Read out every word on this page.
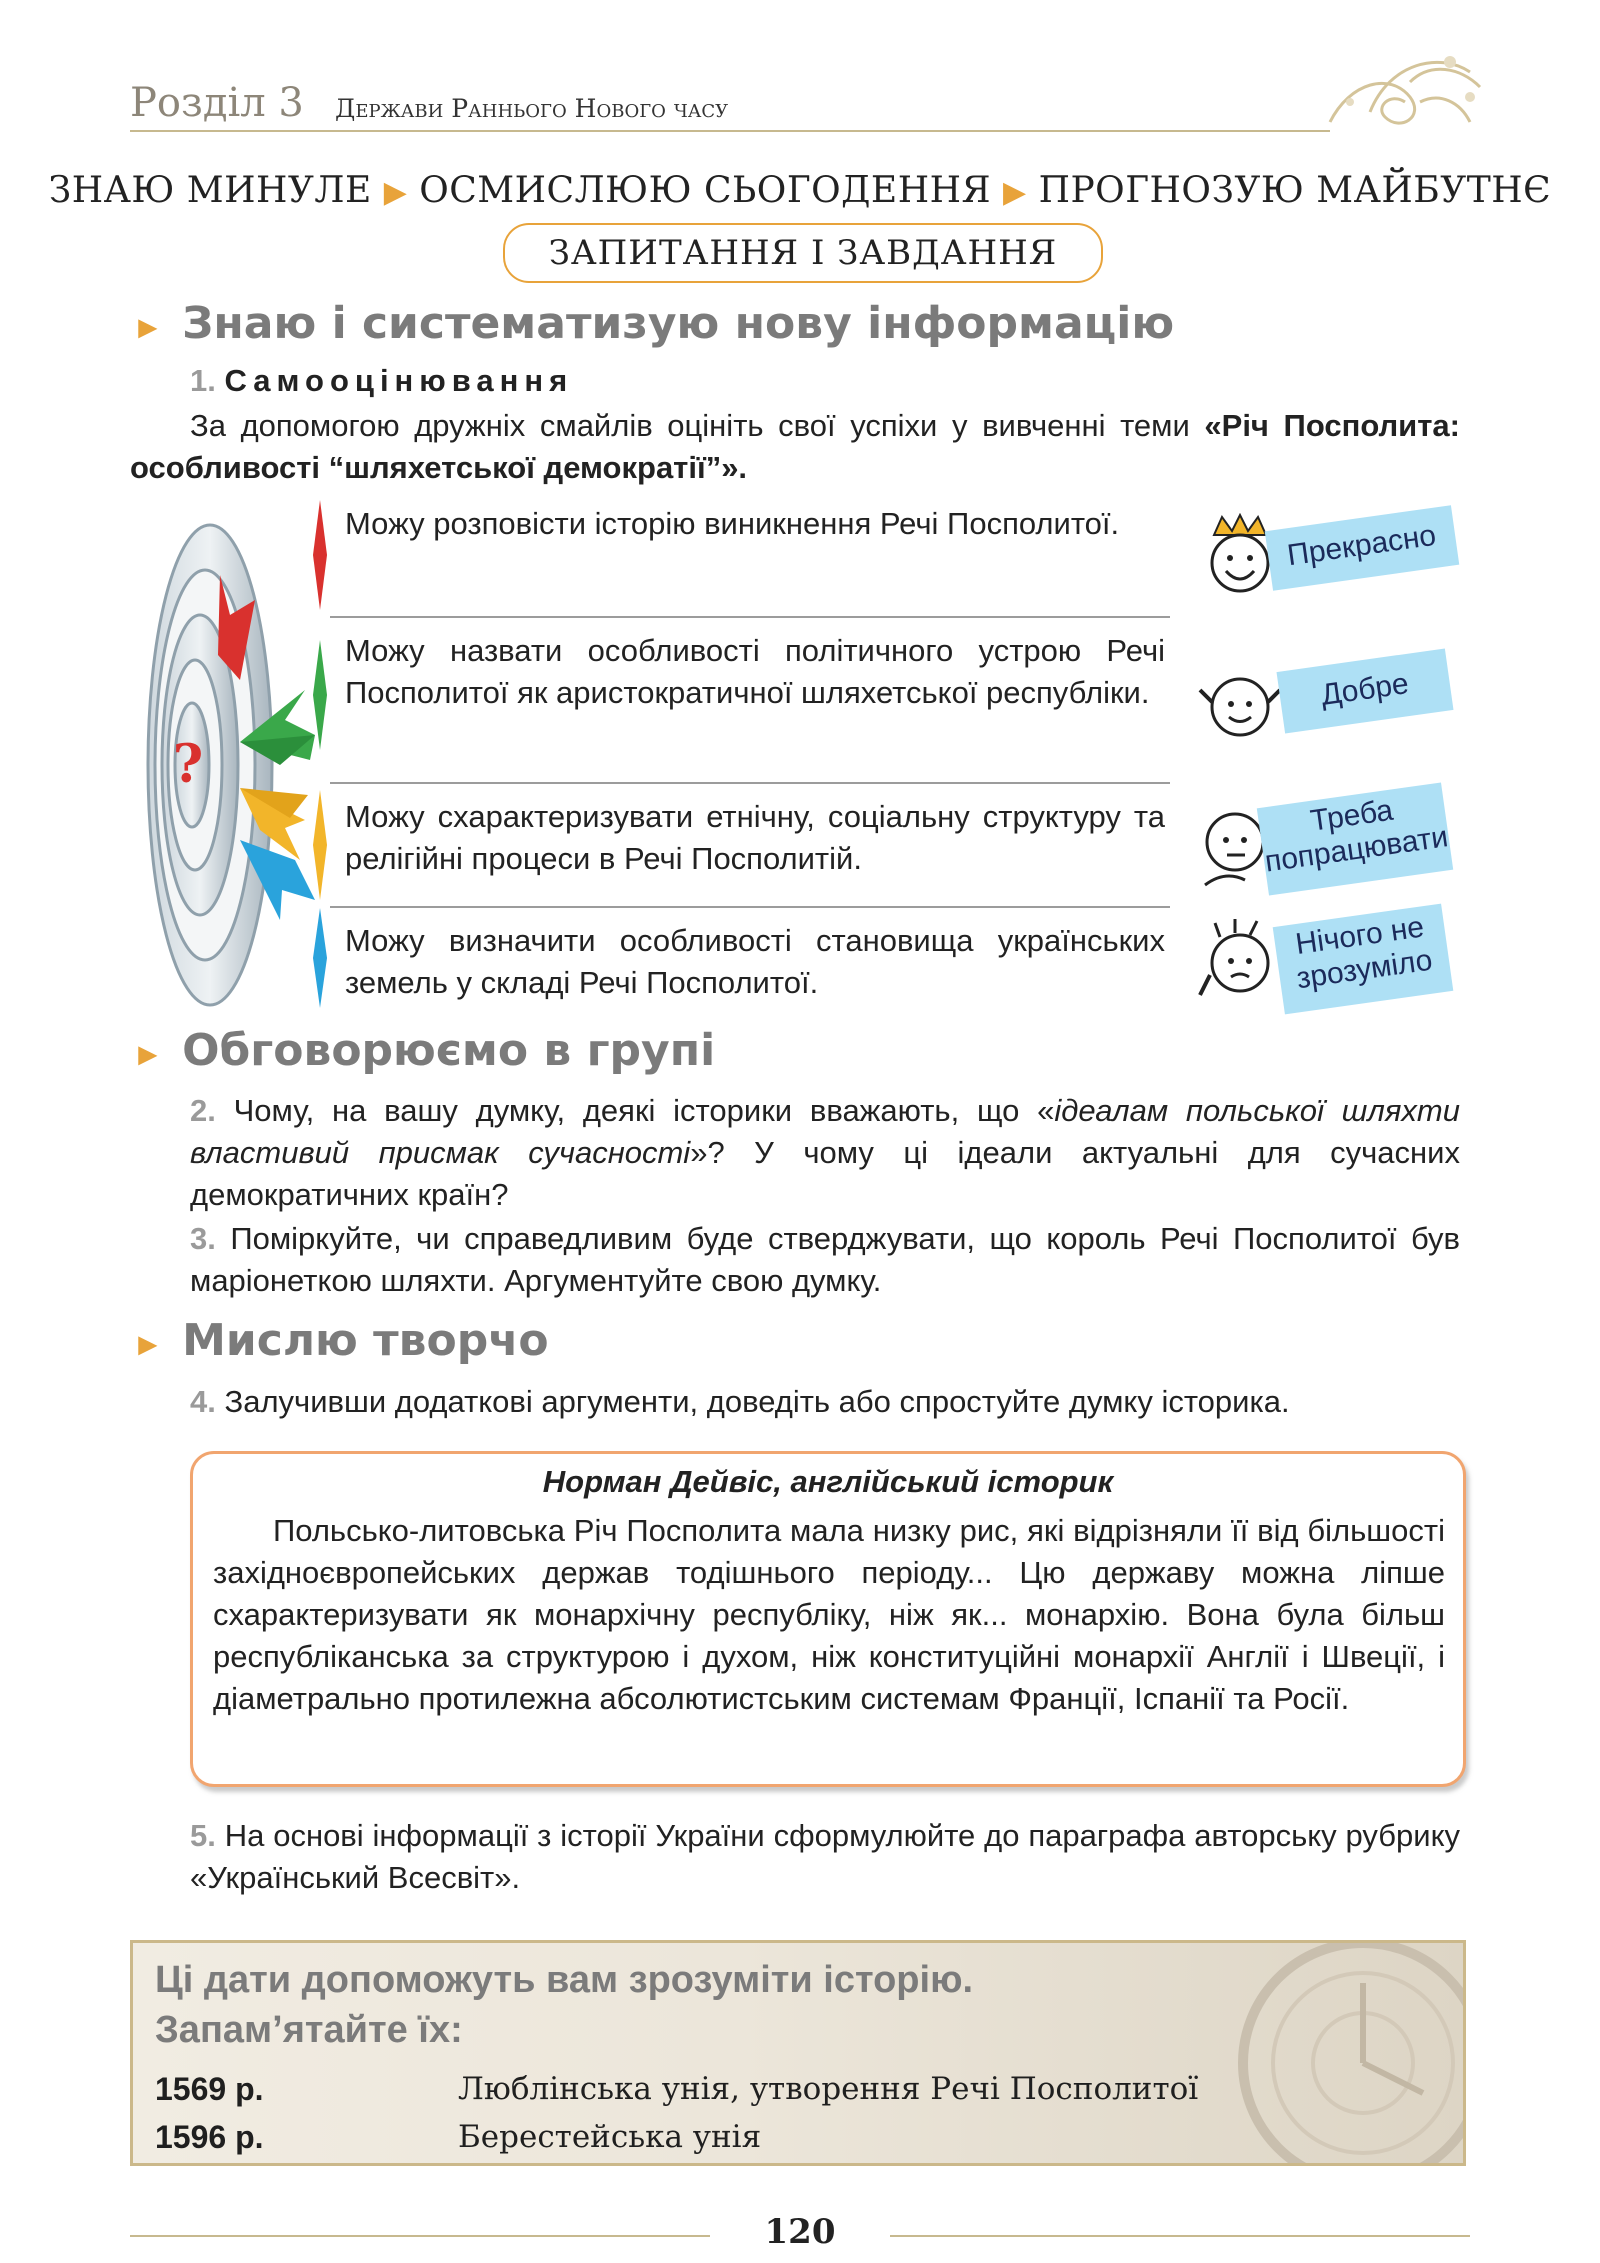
Розділ 3 Держави Раннього Нового часу
ЗНАЮ МИНУЛЕ ▶ ОСМИСЛЮЮ СЬОГОДЕННЯ ▶ ПРОГНОЗУЮ МАЙБУТНЄ
ЗАПИТАННЯ І ЗАВДАННЯ
► Знаю і систематизую нову інформацію
1. Самооцінювання
За допомогою дружніх смайлів оцініть свої успіхи у вивченні теми «Річ Посполита: особливості “шляхетської демократії”».
?
Можу розповісти історію виникнення Речі Посполитої.
Можу назвати особливості політичного устрою Речі Посполитої як аристократичної шляхетської республіки.
Можу схарактеризувати етнічну, соціальну структуру та релігійні процеси в Речі Посполитій.
Можу визначити особливості становища українських земель у складі Речі Посполитої.
Прекрасно
Добре
Треба попрацювати
Нічого не зрозуміло
► Обговорюємо в групі
2. Чому, на вашу думку, деякі історики вважають, що «ідеалам польської шляхти властивий присмак сучасності»? У чому ці ідеали актуальні для сучасних демократичних країн?
3. Поміркуйте, чи справедливим буде стверджувати, що король Речі Посполитої був маріонеткою шляхти. Аргументуйте свою думку.
► Мислю творчо
4. Залучивши додаткові аргументи, доведіть або спростуйте думку історика.
Норман Дейвіс, англійський історик
Польсько-литовська Річ Посполита мала низку рис, які відрізняли її від більшості західноєвропейських держав тодішнього періоду... Цю державу можна ліпше схарактеризувати як монархічну республіку, ніж як... монархію. Вона була більш республіканська за структурою і духом, ніж конституційні монархії Англії і Швеції, і діаметрально протилежна абсолютистським системам Франції, Іспанії та Росії.
5. На основі інформації з історії України сформулюйте до параграфа авторську рубрику «Український Всесвіт».
Ці дати допоможуть вам зрозуміти історію.
Запам’ятайте їх:
1569 р.	Люблінська унія, утворення Речі Посполитої
1596 р.	Берестейська унія
120
